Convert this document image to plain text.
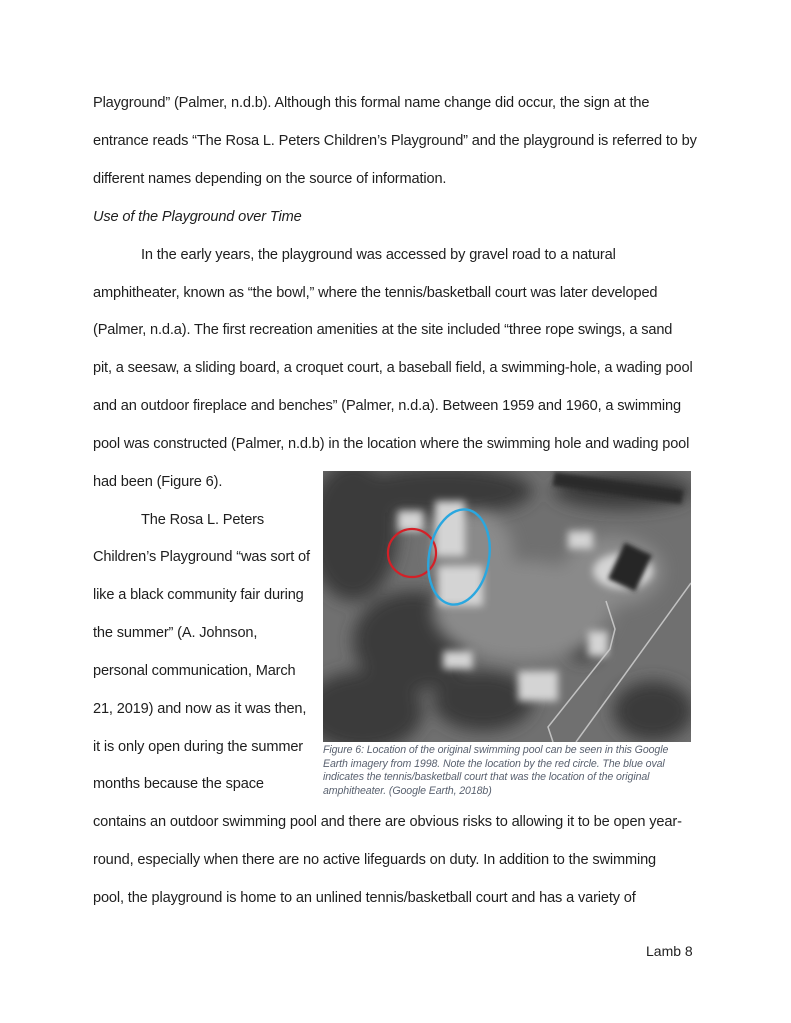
Playground” (Palmer, n.d.b). Although this formal name change did occur, the sign at the
entrance reads “The Rosa L. Peters Children’s Playground” and the playground is referred to by
different names depending on the source of information.
Use of the Playground over Time
In the early years, the playground was accessed by gravel road to a natural
amphitheater, known as “the bowl,” where the tennis/basketball court was later developed
(Palmer, n.d.a). The first recreation amenities at the site included “three rope swings, a sand
pit, a seesaw, a sliding board, a croquet court, a baseball field, a swimming-hole, a wading pool
and an outdoor fireplace and benches” (Palmer, n.d.a). Between 1959 and 1960, a swimming
pool was constructed (Palmer, n.d.b) in the location where the swimming hole and wading pool
had been (Figure 6).
The Rosa L. Peters
Children’s Playground “was sort of
like a black community fair during
the summer” (A. Johnson,
personal communication, March
21, 2019) and now as it was then,
it is only open during the summer
months because the space
contains an outdoor swimming pool and there are obvious risks to allowing it to be open year-
round, especially when there are no active lifeguards on duty. In addition to the swimming
pool, the playground is home to an unlined tennis/basketball court and has a variety of
Figure 6: Location of the original swimming pool can be seen in this Google Earth imagery from 1998. Note the location by the red circle. The blue oval indicates the tennis/basketball court that was the location of the original amphitheater. (Google Earth, 2018b)
Lamb 8
